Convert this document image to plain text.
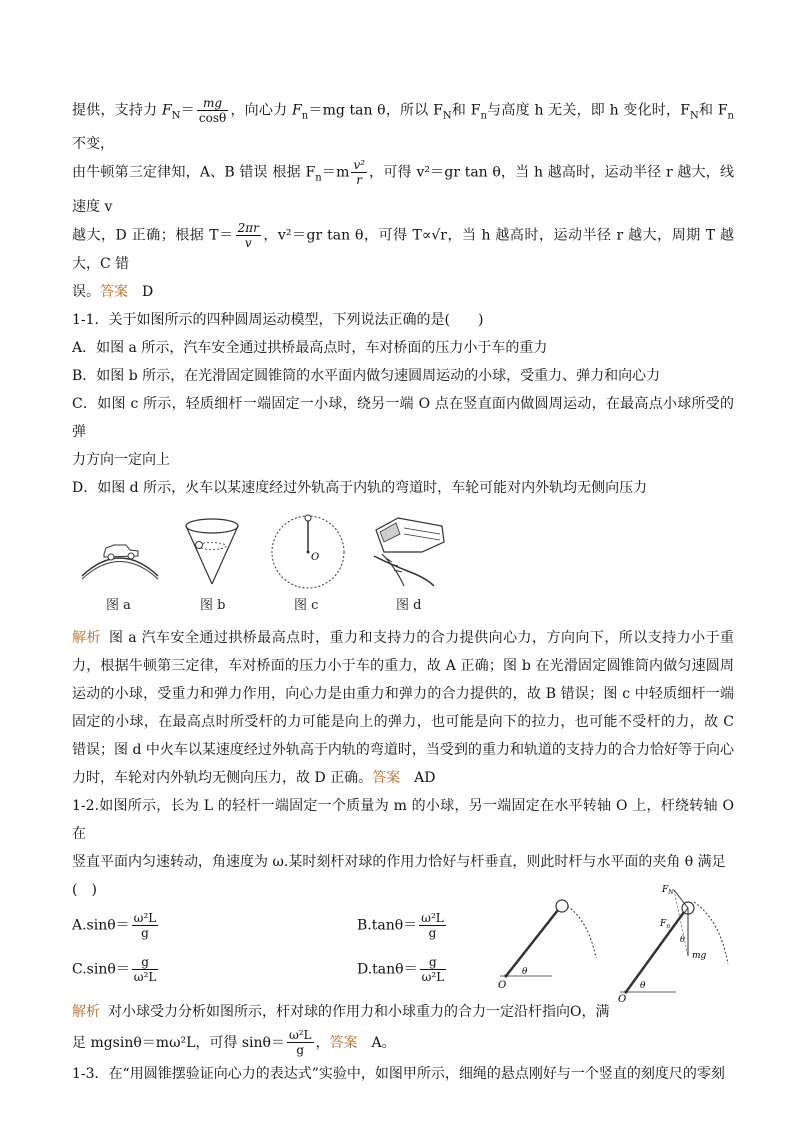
提供，支持力 $F_N= \frac{mg}{\cos\theta}$ ，向心力 $F_n=mg$ tan θ，所以 $F_N$和 $F_n$与高度 h 无关，即 h 变化时，$F_N$和 $F_n$不变，

由牛顿第三定律知，A、B 错误 根据 $F_n=m \frac{\text{v²}}{r}$ ，可得 v²＝gr tan θ，当 h 越高时，运动半径 r 越大，线速度 v

越大，D 正确；根据 $T= \frac{2\pi r}{v}$ ，v²＝gr tan θ，可得 T∝√r，当 h 越高时，运动半径 r 越大，周期 T 越大，C 错

误。答案　D

1-1．关于如图所示的四种圆周运动模型，下列说法正确的是(　　)

A．如图 a 所示，汽车安全通过拱桥最高点时，车对桥面的压力小于车的重力

B．如图 b 所示，在光滑固定圆锥筒的水平面内做匀速圆周运动的小球，受重力、弹力和向心力

C．如图 c 所示，轻质细杆一端固定一小球，绕另一端 O 点在竖直面内做圆周运动，在最高点小球所受的弹

力方向一定向上

D．如图 d 所示，火车以某速度经过外轨高于内轨的弯道时，车轮可能对内外轨均无侧向压力

O
图 a	图 b	图 c	图 d

解析 图 a 汽车安全通过拱桥最高点时，重力和支持力的合力提供向心力，方向向下，所以支持力小于重力，根据牛顿第三定律，车对桥面的压力小于车的重力，故 A 正确；图 b 在光滑固定圆锥筒内做匀速圆周运动的小球，受重力和弹力作用，向心力是由重力和弹力的合力提供的，故 B 错误；图 c 中轻质细杆一端固定的小球，在最高点时所受杆的力可能是向上的弹力，也可能是向下的拉力，也可能不受杆的力，故 C 错误；图 d 中火车以某速度经过外轨高于内轨的弯道时，当受到的重力和轨道的支持力的合力恰好等于向心力时，车轮对内外轨均无侧向压力，故 D 正确。答案　AD

1-2.如图所示，长为 L 的轻杆一端固定一个质量为 m 的小球，另一端固定在水平转轴 O 上，杆绕转轴 O 在

竖直平面内匀速转动，角速度为 ω.某时刻杆对球的作用力恰好与杆垂直，则此时杆与水平面的夹角 θ 满足

(　)

$A.\sin\theta= \frac{\text{ω²L}}{g}$	$B.\tan\theta= \frac{\text{ω²L}}{g}$
$C.\sin\theta= \frac{g}{\text{ω²L}}$	$D.\tan\theta= \frac{g}{\text{ω²L}}$
O
θ
$F_N$
$F_n$
mg
θ
θ
O

解析 对小球受力分析如图所示，杆对球的作用力和小球重力的合力一定沿杆指向O，满

足 mgsinθ＝mω²L，可得 $\sin\theta= \frac{\text{ω²L}}{g}$ ，答案　A。

1-3．在“用圆锥摆验证向心力的表达式”实验中，如图甲所示，细绳的悬点刚好与一个竖直的刻度尺的零刻
